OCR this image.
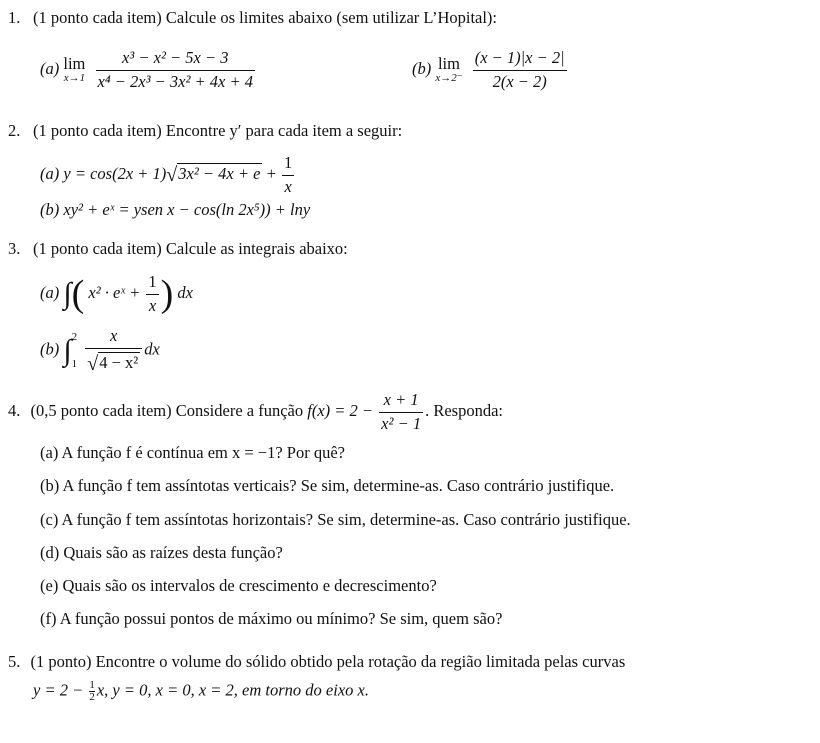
1. (1 ponto cada item) Calcule os limites abaixo (sem utilizar L’Hopital):
(a) lim
x→1
$\frac{\text{x³ − x² − 5x − 3}}{\text{x⁴ − 2x³ − 3x² + 4x + 4}}$	(b) lim
x→2⁻
$\frac{(x - 1)|x - 2|}{2(x - 2)}$
2. (1 ponto cada item) Encontre y′ para cada item a seguir:
(a) $y = \cos(2x + 1)√3x^2 - 4x + e + \frac{1}{x}$
(b) xy² + eˣ = ysen x − cos(ln 2x⁵)) + lny
3. (1 ponto cada item) Calcule as integrais abaixo:
(a) ∫( x² · eˣ + $\frac{1}{x}$ ) dx
(b) ∫ 2
1
$\frac{x}{\text{√4 − x²}}$ dx
4. (0,5 ponto cada item) Considere a função $f(x) = 2 - \frac{x + 1}{\text{x² − 1}}$ . Responda:
(a) A função f é contínua em x = −1? Por quê?
(b) A função f tem assíntotas verticais? Se sim, determine-as. Caso contrário justifique.
(c) A função f tem assíntotas horizontais? Se sim, determine-as. Caso contrário justifique.
(d) Quais são as raízes desta função?
(e) Quais são os intervalos de crescimento e decrescimento?
(f) A função possui pontos de máximo ou mínimo? Se sim, quem são?
5. (1 ponto) Encontre o volume do sólido obtido pela rotação da região limitada pelas curvas
$y = 2 - \frac{1}{2} x$, y = 0, x = 0, x = 2, em torno do eixo x.
